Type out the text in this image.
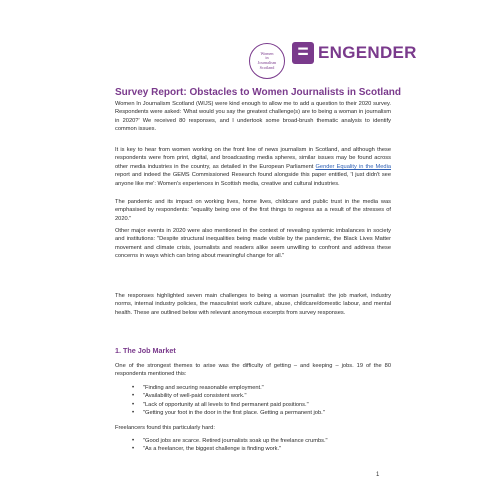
Women
in
Journalism
Scotland
= ENGENDER
Survey Report: Obstacles to Women Journalists in Scotland

Women In Journalism Scotland (WIJS) were kind enough to allow me to add a question to their 2020 survey. Respondents were asked: 'What would you say the greatest challenge(s) are to being a woman in journalism in 2020?' We received 80 responses, and I undertook some broad-brush thematic analysis to identify common issues.

It is key to hear from women working on the front line of news journalism in Scotland, and although these respondents were from print, digital, and broadcasting media spheres, similar issues may be found across other media industries in the country, as detailed in the European Parliament Gender Equality in the Media report and indeed the GEMS Commissioned Research found alongside this paper entitled, 'I just didn't see anyone like me': Women's experiences in Scottish media, creative and cultural industries.

The pandemic and its impact on working lives, home lives, childcare and public trust in the media was emphasised by respondents: "equality being one of the first things to regress as a result of the stresses of 2020."

Other major events in 2020 were also mentioned in the context of revealing systemic imbalances in society and institutions: "Despite structural inequalities being made visible by the pandemic, the Black Lives Matter movement and climate crisis, journalists and readers alike seem unwilling to confront and address these concerns in ways which can bring about meaningful change for all."

The responses highlighted seven main challenges to being a woman journalist: the job market, industry norms, internal industry policies, the masculinist work culture, abuse, childcare/domestic labour, and mental health. These are outlined below with relevant anonymous excerpts from survey responses.

1. The Job Market

One of the strongest themes to arise was the difficulty of getting – and keeping – jobs. 19 of the 80 respondents mentioned this:

• "Finding and securing reasonable employment."
• "Availability of well-paid consistent work."
• "Lack of opportunity at all levels to find permanent paid positions."
• "Getting your foot in the door in the first place. Getting a permanent job."

Freelancers found this particularly hard:

• "Good jobs are scarce. Retired journalists soak up the freelance crumbs."
• "As a freelancer, the biggest challenge is finding work."
1
